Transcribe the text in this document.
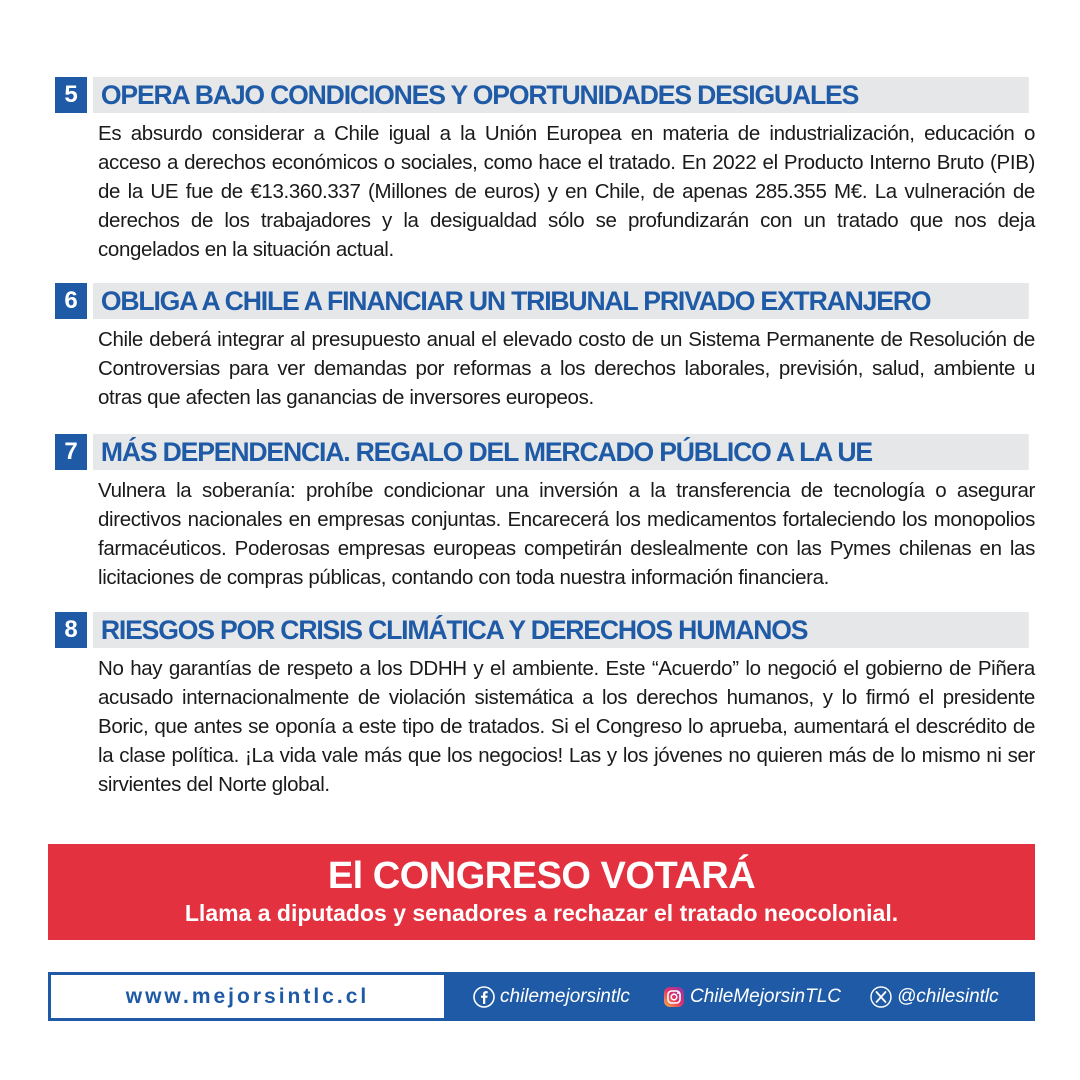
5 OPERA BAJO CONDICIONES Y OPORTUNIDADES DESIGUALES
Es absurdo considerar a Chile igual a la Unión Europea en materia de industrialización, educación o acceso a derechos económicos o sociales, como hace el tratado. En 2022 el Producto Interno Bruto (PIB) de la UE fue de €13.360.337 (Millones de euros) y en Chile, de apenas 285.355 M€. La vulneración de derechos de los trabajadores y la desigualdad sólo se profundizarán con un tratado que nos deja congelados en la situación actual.
6 OBLIGA A CHILE A FINANCIAR UN TRIBUNAL PRIVADO EXTRANJERO
Chile deberá integrar al presupuesto anual el elevado costo de un Sistema Permanente de Resolución de Controversias para ver demandas por reformas a los derechos laborales, previsión, salud, ambiente u otras que afecten las ganancias de inversores europeos.
7 MÁS DEPENDENCIA. REGALO DEL MERCADO PÚBLICO A LA UE
Vulnera la soberanía: prohíbe condicionar una inversión a la transferencia de tecnología o asegurar directivos nacionales en empresas conjuntas. Encarecerá los medicamentos fortaleciendo los monopolios farmacéuticos. Poderosas empresas europeas competirán deslealmente con las Pymes chilenas en las licitaciones de compras públicas, contando con toda nuestra información financiera.
8 RIESGOS POR CRISIS CLIMÁTICA Y DERECHOS HUMANOS
No hay garantías de respeto a los DDHH y el ambiente. Este “Acuerdo” lo negoció el gobierno de Piñera acusado internacionalmente de violación sistemática a los derechos humanos, y lo firmó el presidente Boric, que antes se oponía a este tipo de tratados. Si el Congreso lo aprueba, aumentará el descrédito de la clase política. ¡La vida vale más que los negocios! Las y los jóvenes no quieren más de lo mismo ni ser sirvientes del Norte global.
El CONGRESO VOTARÁ
Llama a diputados y senadores a rechazar el tratado neocolonial.
www.mejorsintlc.cl	chilemejorsintlc	ChileMejorsinTLC	@chilesintlc
